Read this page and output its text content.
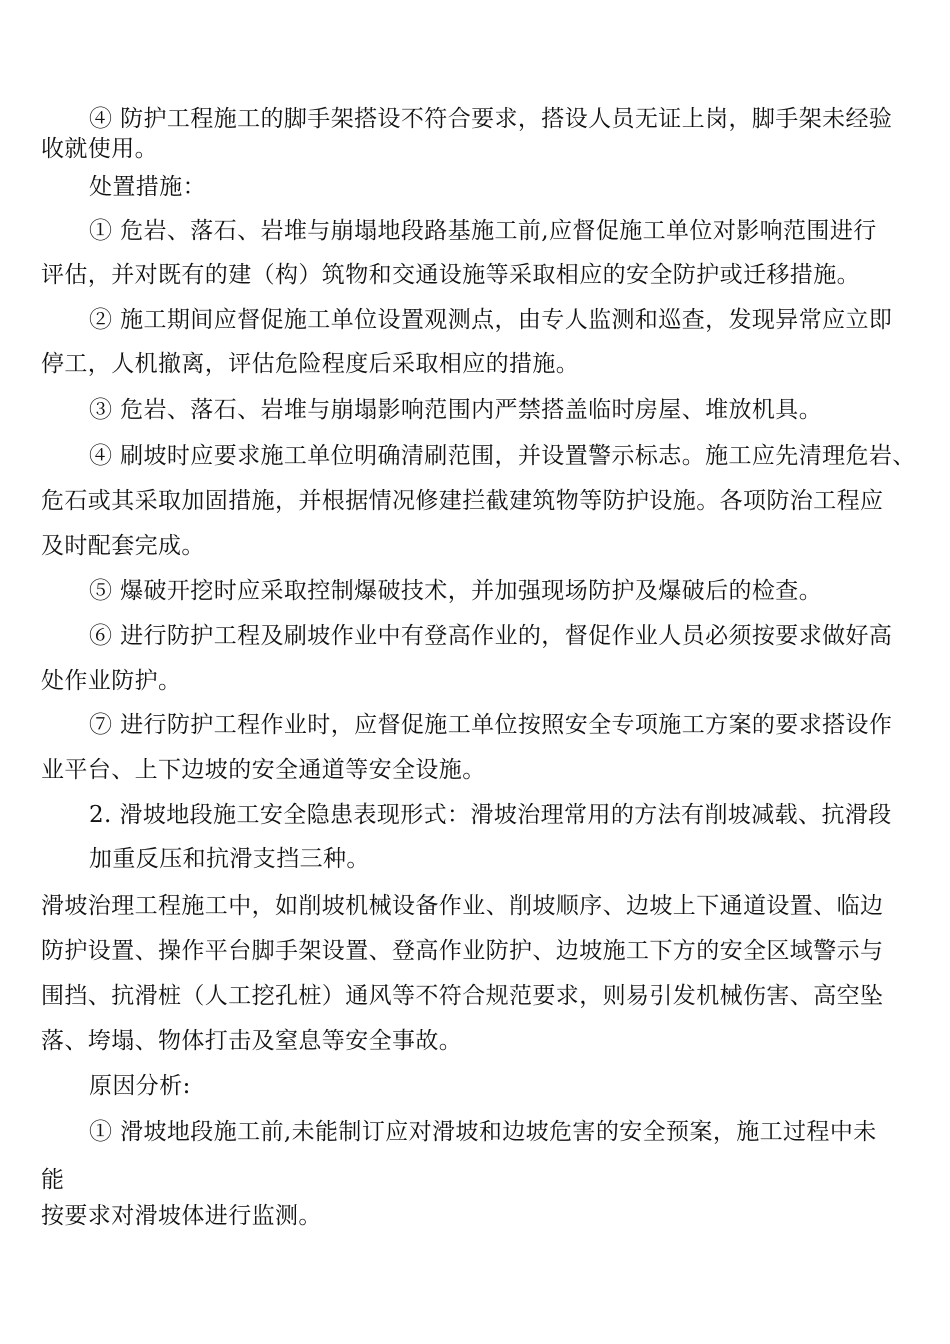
④ 防护工程施工的脚手架搭设不符合要求，搭设人员无证上岗，脚手架未经验
收就使用。
处置措施：
① 危岩、落石、岩堆与崩塌地段路基施工前,应督促施工单位对影响范围进行
评估，并对既有的建（构）筑物和交通设施等采取相应的安全防护或迁移措施。
② 施工期间应督促施工单位设置观测点，由专人监测和巡查，发现异常应立即
停工，人机撤离，评估危险程度后采取相应的措施。
③ 危岩、落石、岩堆与崩塌影响范围内严禁搭盖临时房屋、堆放机具。
④ 刷坡时应要求施工单位明确清刷范围，并设置警示标志。施工应先清理危岩、
危石或其采取加固措施，并根据情况修建拦截建筑物等防护设施。各项防治工程应
及时配套完成。
⑤ 爆破开挖时应采取控制爆破技术，并加强现场防护及爆破后的检查。
⑥ 进行防护工程及刷坡作业中有登高作业的，督促作业人员必须按要求做好高
处作业防护。
⑦ 进行防护工程作业时，应督促施工单位按照安全专项施工方案的要求搭设作
业平台、上下边坡的安全通道等安全设施。
2. 滑坡地段施工安全隐患表现形式：滑坡治理常用的方法有削坡减载、抗滑段
加重反压和抗滑支挡三种。
滑坡治理工程施工中，如削坡机械设备作业、削坡顺序、边坡上下通道设置、临边
防护设置、操作平台脚手架设置、登高作业防护、边坡施工下方的安全区域警示与
围挡、抗滑桩（人工挖孔桩）通风等不符合规范要求，则易引发机械伤害、高空坠
落、垮塌、物体打击及窒息等安全事故。
原因分析:
① 滑坡地段施工前,未能制订应对滑坡和边坡危害的安全预案，施工过程中未
能
按要求对滑坡体进行监测。
